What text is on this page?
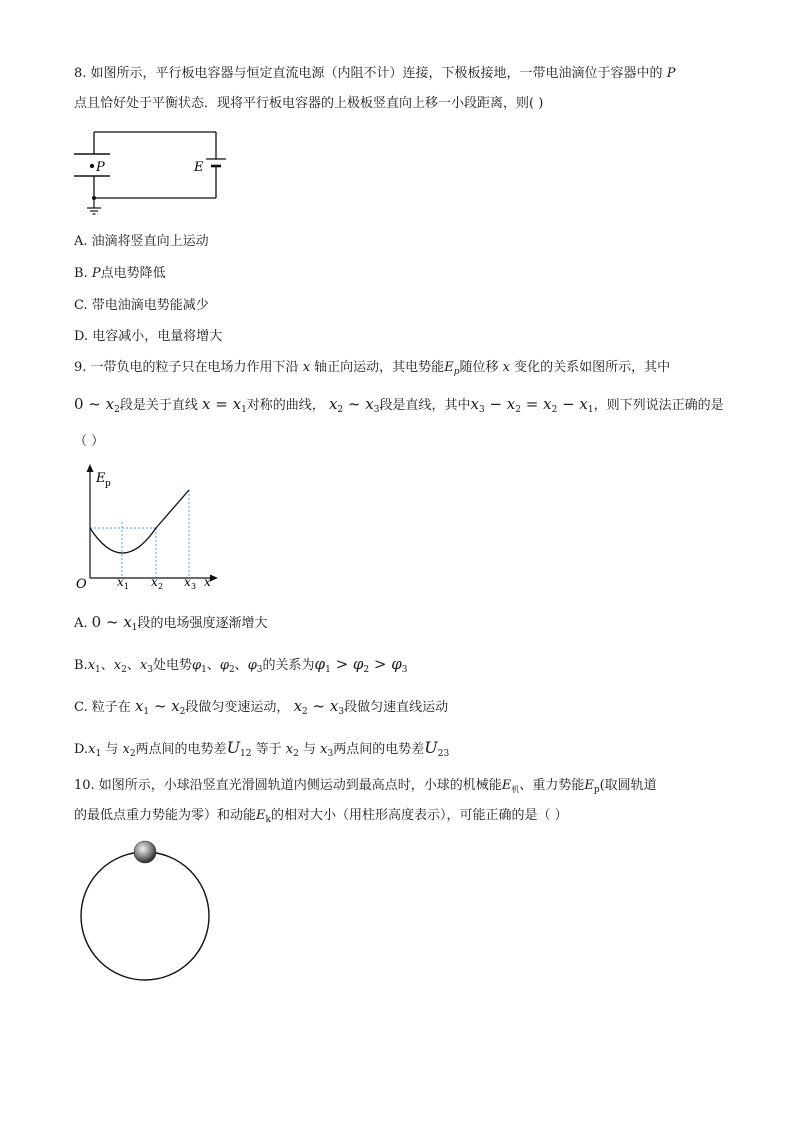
8. 如图所示，平行板电容器与恒定直流电源（内阻不计）连接，下极板接地，一带电油滴位于容器中的 P
点且恰好处于平衡状态．现将平行板电容器的上极板竖直向上移一小段距离，则( )
P	E
A. 油滴将竖直向上运动
B. P点电势降低
C. 带电油滴电势能减少
D. 电容减小，电量将增大
9. 一带负电的粒子只在电场力作用下沿 x 轴正向运动，其电势能$E_p$随位移 x 变化的关系如图所示，其中
0 ~ $x_2$段是关于直线 $x = x_1$对称的曲线， $x_2$ ~ $x_3$段是直线，其中$x_3 - x_2 = x_2 - x_1$，则下列说法正确的是
（ ）
E p
O	x 1 x 2 x 3 x
A. 0 ~ $x_1$段的电场强度逐渐增大
$B.x_1$、$x_2$、$x_3$处电势$\varphi_1$、$\varphi_2$、$\varphi_3$的关系为$\varphi_1 > \varphi_2 > \varphi_3$
C. 粒子在 $x_1$ ~ $x_2$段做匀变速运动， $x_2$ ~ $x_3$段做匀速直线运动
$D.x_1$ 与 $x_2$两点间的电势差$U_{12}$ 等于 $x_2$ 与 $x_3$两点间的电势差$U_{23}$
10. 如图所示，小球沿竖直光滑圆轨道内侧运动到最高点时，小球的机械能$E_机$、重力势能$E_p$(取圆轨道
的最低点重力势能为零）和动能$E_k$的相对大小（用柱形高度表示），可能正确的是（ ）
